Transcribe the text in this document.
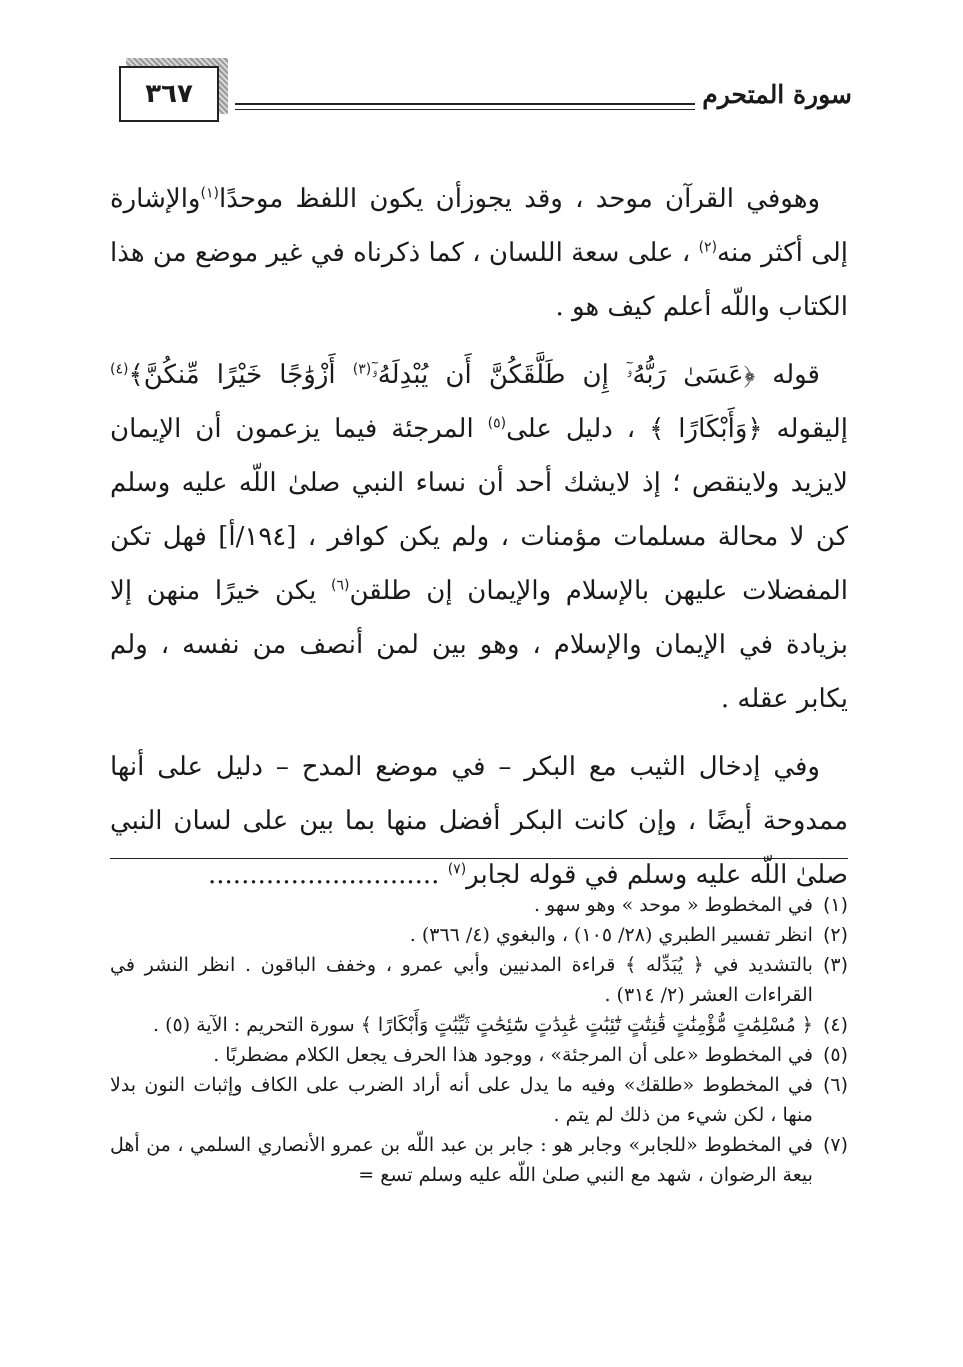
سورة المتحرم
٣٦٧

وهوفي القرآن موحد ، وقد يجوزأن يكون اللفظ موحدًا$^{(١)}$والإشارة إلى أكثر منه$^{(٢)}$ ، على سعة اللسان ، كما ذكرناه في غير موضع من هذا الكتاب واللّه أعلم كيف هو .

قوله ﴿عَسَىٰ رَبُّهُۥٓ إِن طَلَّقَكُنَّ أَن يُبْدِلَهُۥٓ$^{(٣)}$ أَزْوَٰجًا خَيْرًا مِّنكُنَّ﴾$^{(٤)}$ إليقوله ﴿وَأَبْكَارًا ﴾ ، دليل على$^{(٥)}$ المرجئة فيما يزعمون أن الإيمان لايزيد ولاينقص ؛ إذ لايشك أحد أن نساء النبي صلىٰ اللّه عليه وسلم كن لا محالة مسلمات مؤمنات ، ولم يكن كوافر ، [١٩٤/أ] فهل تكن المفضلات عليهن بالإسلام والإيمان إن طلقن$^{(٦)}$ يكن خيرًا منهن إلا بزيادة في الإيمان والإسلام ، وهو بين لمن أنصف من نفسه ، ولم يكابر عقله .

وفي إدخال الثيب مع البكر – في موضع المدح – دليل على أنها ممدوحة أيضًا ، وإن كانت البكر أفضل منها بما بين على لسان النبي صلىٰ اللّه عليه وسلم في قوله لجابر$^{(٧)}$ ............................

(١)
في المخطوط « موحد » وهو سهو .
(٢)
انظر تفسير الطبري (٢٨/ ١٠٥) ، والبغوي (٤/ ٣٦٦) .
(٣)
بالتشديد في ﴿ يُبَدِّله ﴾ قراءة المدنيين وأبي عمرو ، وخفف الباقون . انظر النشر في القراءات العشر (٢/ ٣١٤) .
(٤)
﴿ مُسْلِمَٰتٍ مُّؤْمِنَٰتٍ قَٰنِتَٰتٍ تَٰٓئِبَٰتٍ عَٰبِدَٰتٍ سَٰٓئِحَٰتٍ ثَيِّبَٰتٍ وَأَبْكَارًا ﴾ سورة التحريم : الآية (٥) .
(٥)
في المخطوط «على أن المرجئة» ، ووجود هذا الحرف يجعل الكلام مضطربًا .
(٦)
في المخطوط «طلقك» وفيه ما يدل على أنه أراد الضرب على الكاف وإثبات النون بدلا منها ، لكن شيء من ذلك لم يتم .
(٧)
في المخطوط «للجابر» وجابر هو : جابر بن عبد اللّه بن عمرو الأنصاري السلمي ، من أهل بيعة الرضوان ، شهد مع النبي صلىٰ اللّه عليه وسلم تسع =
